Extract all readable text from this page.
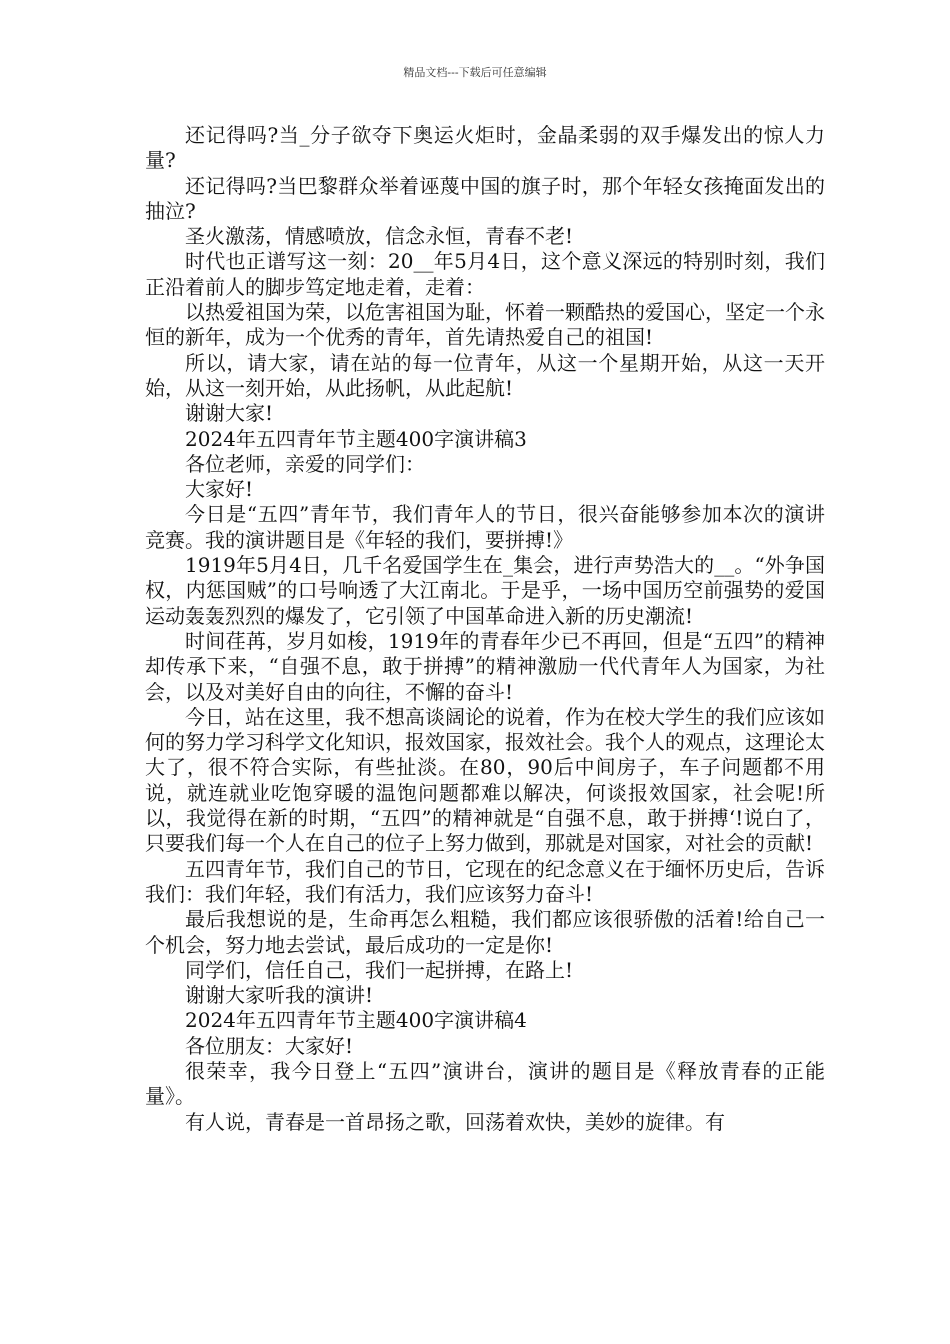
精品文档---下载后可任意编辑

还记得吗?当_分子欲夺下奥运火炬时，金晶柔弱的双手爆发出的惊人力量?

还记得吗?当巴黎群众举着诬蔑中国的旗子时，那个年轻女孩掩面发出的抽泣?

圣火激荡，情感喷放，信念永恒，青春不老!

时代也正谱写这一刻：20__年5月4日，这个意义深远的特别时刻，我们正沿着前人的脚步笃定地走着，走着：

以热爱祖国为荣，以危害祖国为耻，怀着一颗酷热的爱国心，坚定一个永恒的新年，成为一个优秀的青年，首先请热爱自己的祖国!

所以，请大家，请在站的每一位青年，从这一个星期开始，从这一天开始，从这一刻开始，从此扬帆，从此起航!

谢谢大家!

2024年五四青年节主题400字演讲稿3

各位老师，亲爱的同学们：

大家好!

今日是“五四”青年节，我们青年人的节日，很兴奋能够参加本次的演讲竞赛。我的演讲题目是《年轻的我们，要拼搏!》

1919年5月4日，几千名爱国学生在_集会，进行声势浩大的__。“外争国权，内惩国贼”的口号响透了大江南北。于是乎，一场中国历空前强势的爱国运动轰轰烈烈的爆发了，它引领了中国革命进入新的历史潮流!

时间荏苒，岁月如梭，1919年的青春年少已不再回，但是“五四”的精神却传承下来，“自强不息，敢于拼搏”的精神激励一代代青年人为国家，为社会，以及对美好自由的向往，不懈的奋斗!

今日，站在这里，我不想高谈阔论的说着，作为在校大学生的我们应该如何的努力学习科学文化知识，报效国家，报效社会。我个人的观点，这理论太大了，很不符合实际，有些扯淡。在80，90后中间房子，车子问题都不用说，就连就业吃饱穿暖的温饱问题都难以解决，何谈报效国家，社会呢!所以，我觉得在新的时期，“五四”的精神就是“自强不息，敢于拼搏‘!说白了，只要我们每一个人在自己的位子上努力做到，那就是对国家，对社会的贡献!

五四青年节，我们自己的节日，它现在的纪念意义在于缅怀历史后，告诉我们：我们年轻，我们有活力，我们应该努力奋斗!

最后我想说的是，生命再怎么粗糙，我们都应该很骄傲的活着!给自己一个机会，努力地去尝试，最后成功的一定是你!

同学们，信任自己，我们一起拼搏，在路上!

谢谢大家听我的演讲!

2024年五四青年节主题400字演讲稿4

各位朋友：大家好!

很荣幸，我今日登上“五四”演讲台，演讲的题目是《释放青春的正能量》。

有人说，青春是一首昂扬之歌，回荡着欢快，美妙的旋律。有
